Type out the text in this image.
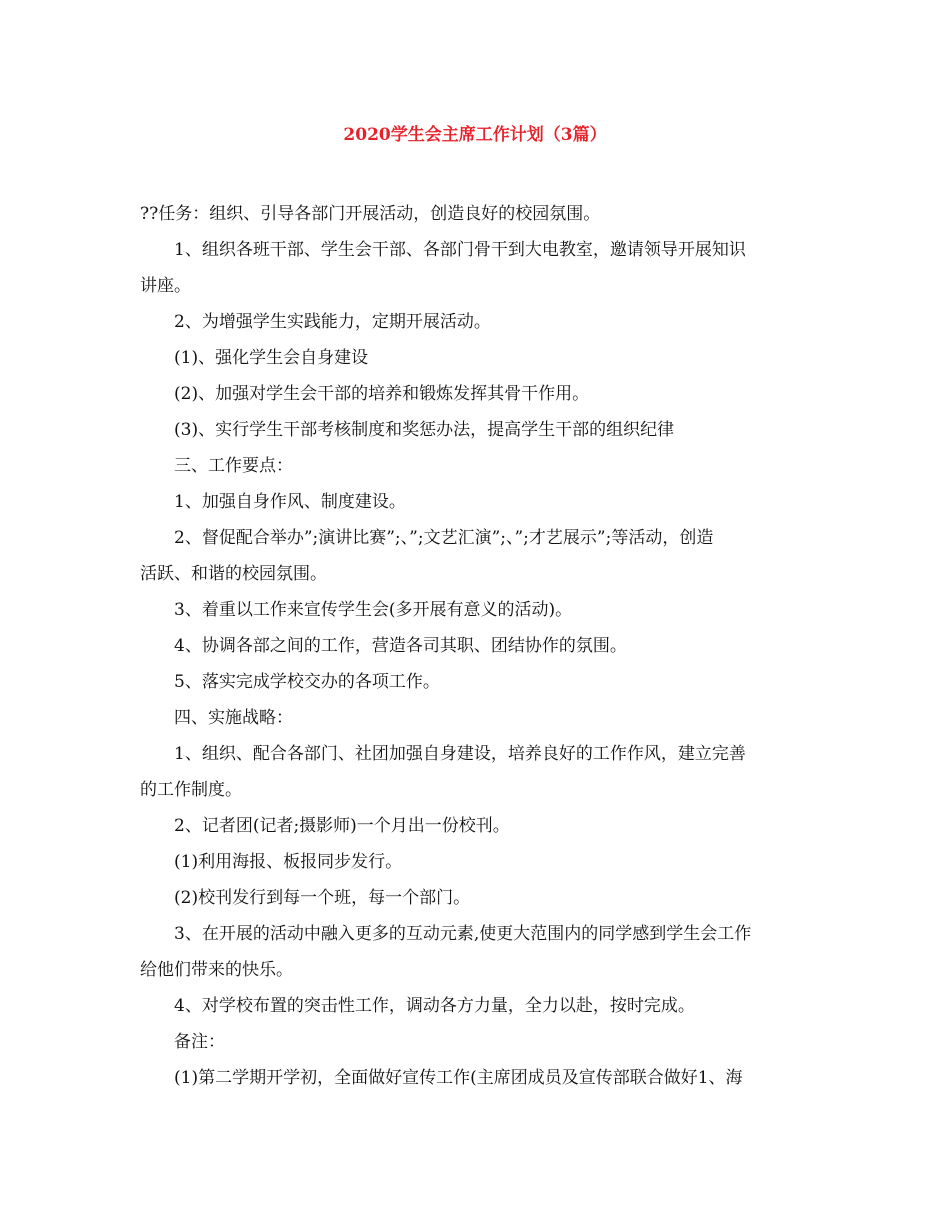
2020学生会主席工作计划（3篇）

??任务：组织、引导各部门开展活动，创造良好的校园氛围。

1、组织各班干部、学生会干部、各部门骨干到大电教室，邀请领导开展知识

讲座。

2、为增强学生实践能力，定期开展活动。

(1)、强化学生会自身建设

(2)、加强对学生会干部的培养和锻炼发挥其骨干作用。

(3)、实行学生干部考核制度和奖惩办法，提高学生干部的组织纪律

三、工作要点：

1、加强自身作风、制度建设。

2、督促配合举办”;演讲比赛”;、”;文艺汇演”;、”;才艺展示”;等活动，创造

活跃、和谐的校园氛围。

3、着重以工作来宣传学生会(多开展有意义的活动)。

4、协调各部之间的工作，营造各司其职、团结协作的氛围。

5、落实完成学校交办的各项工作。

四、实施战略：

1、组织、配合各部门、社团加强自身建设，培养良好的工作作风，建立完善

的工作制度。

2、记者团(记者;摄影师)一个月出一份校刊。

(1)利用海报、板报同步发行。

(2)校刊发行到每一个班，每一个部门。

3、在开展的活动中融入更多的互动元素,使更大范围内的同学感到学生会工作

给他们带来的快乐。

4、对学校布置的突击性工作，调动各方力量，全力以赴，按时完成。

备注：

(1)第二学期开学初，全面做好宣传工作(主席团成员及宣传部联合做好1、海
